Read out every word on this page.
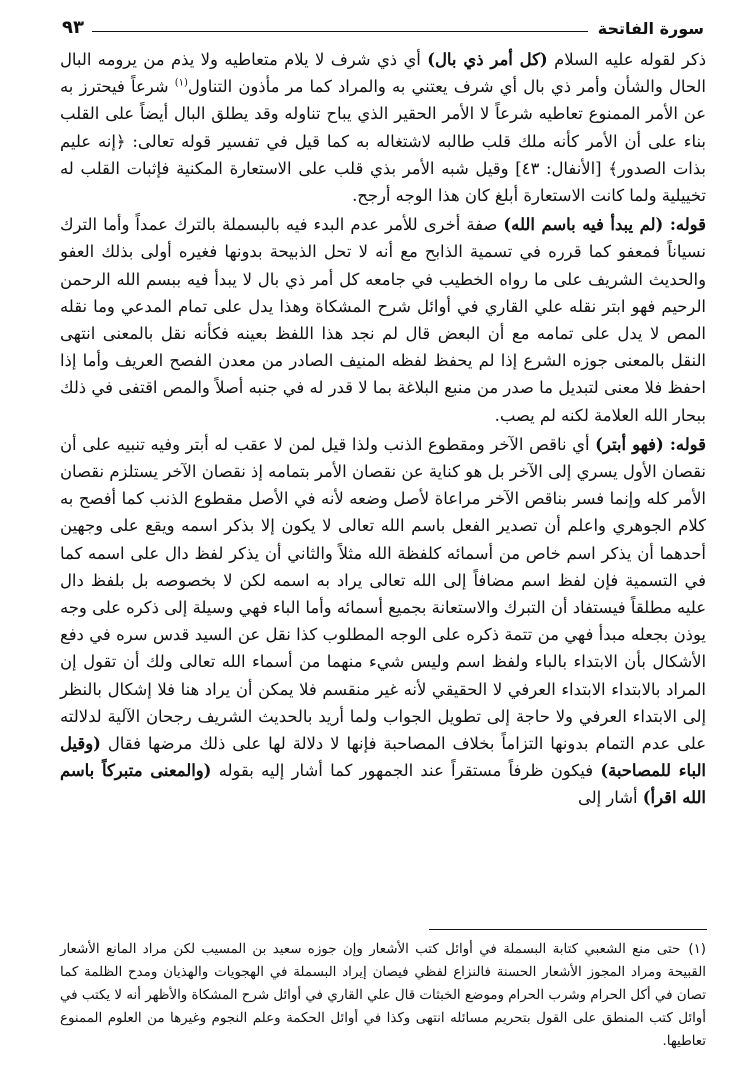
سورة الفاتحة
٩٣

ذكر لقوله عليه السلام (كل أمر ذي بال) أي ذي شرف لا يلام متعاطيه ولا يذم من يرومه البال الحال والشأن وأمر ذي بال أي شرف يعتني به والمراد كما مر مأذون التناول$^{(١)}$ شرعاً فيحترز به عن الأمر الممنوع تعاطيه شرعاً لا الأمر الحقير الذي يباح تناوله وقد يطلق البال أيضاً على القلب بناء على أن الأمر كأنه ملك قلب طالبه لاشتغاله به كما قيل في تفسير قوله تعالى: ﴿إنه عليم بذات الصدور﴾ [الأنفال: ٤٣] وقيل شبه الأمر بذي قلب على الاستعارة المكنية فإثبات القلب له تخييلية ولما كانت الاستعارة أبلغ كان هذا الوجه أرجح.

قوله: (لم يبدأ فيه باسم الله) صفة أخرى للأمر عدم البدء فيه بالبسملة بالترك عمداً وأما الترك نسياناً فمعفو كما قرره في تسمية الذابح مع أنه لا تحل الذبيحة بدونها فغيره أولى بذلك العفو والحديث الشريف على ما رواه الخطيب في جامعه كل أمر ذي بال لا يبدأ فيه ببسم الله الرحمن الرحيم فهو ابتر نقله علي القاري في أوائل شرح المشكاة وهذا يدل على تمام المدعي وما نقله المص لا يدل على تمامه مع أن البعض قال لم نجد هذا اللفظ بعينه فكأنه نقل بالمعنى انتهى النقل بالمعنى جوزه الشرع إذا لم يحفظ لفظه المنيف الصادر من معدن الفصح العريف وأما إذا احفظ فلا معنى لتبديل ما صدر من منبع البلاغة بما لا قدر له في جنبه أصلاً والمص اقتفى في ذلك ببحار الله العلامة لكنه لم يصب.

قوله: (فهو أبتر) أي ناقص الآخر ومقطوع الذنب ولذا قيل لمن لا عقب له أبتر وفيه تنبيه على أن نقصان الأول يسري إلى الآخر بل هو كناية عن نقصان الأمر بتمامه إذ نقصان الآخر يستلزم نقصان الأمر كله وإنما فسر بناقص الآخر مراعاة لأصل وضعه لأنه في الأصل مقطوع الذنب كما أفصح به كلام الجوهري واعلم أن تصدير الفعل باسم الله تعالى لا يكون إلا بذكر اسمه ويقع على وجهين أحدهما أن يذكر اسم خاص من أسمائه كلفظة الله مثلاً والثاني أن يذكر لفظ دال على اسمه كما في التسمية فإن لفظ اسم مضافاً إلى الله تعالى يراد به اسمه لكن لا بخصوصه بل بلفظ دال عليه مطلقاً فيستفاد أن التبرك والاستعانة بجميع أسمائه وأما الباء فهي وسيلة إلى ذكره على وجه يوذن بجعله مبدأ فهي من تتمة ذكره على الوجه المطلوب كذا نقل عن السيد قدس سره في دفع الأشكال بأن الابتداء بالباء ولفظ اسم وليس شيء منهما من أسماء الله تعالى ولك أن تقول إن المراد بالابتداء الابتداء العرفي لا الحقيقي لأنه غير منقسم فلا يمكن أن يراد هنا فلا إشكال بالنظر إلى الابتداء العرفي ولا حاجة إلى تطويل الجواب ولما أريد بالحديث الشريف رجحان الآلية لدلالته على عدم التمام بدونها التزاماً بخلاف المصاحبة فإنها لا دلالة لها على ذلك مرضها فقال (وقيل الباء للمصاحبة) فيكون ظرفاً مستقراً عند الجمهور كما أشار إليه بقوله (والمعنى متبركاً باسم الله اقرأ) أشار إلى

(١)حتى منع الشعبي كتابة البسملة في أوائل كتب الأشعار وإن جوزه سعيد بن المسيب لكن مراد المانع الأشعار القبيحة ومراد المجوز الأشعار الحسنة فالنزاع لفظي فيصان إيراد البسملة في الهجويات والهذيان ومدح الظلمة كما تصان في أكل الحرام وشرب الحرام وموضع الخبثات قال علي القاري في أوائل شرح المشكاة والأظهر أنه لا يكتب في أوائل كتب المنطق على القول بتحريم مسائله انتهى وكذا في أوائل الحكمة وعلم النجوم وغيرها من العلوم الممنوع تعاطيها.
